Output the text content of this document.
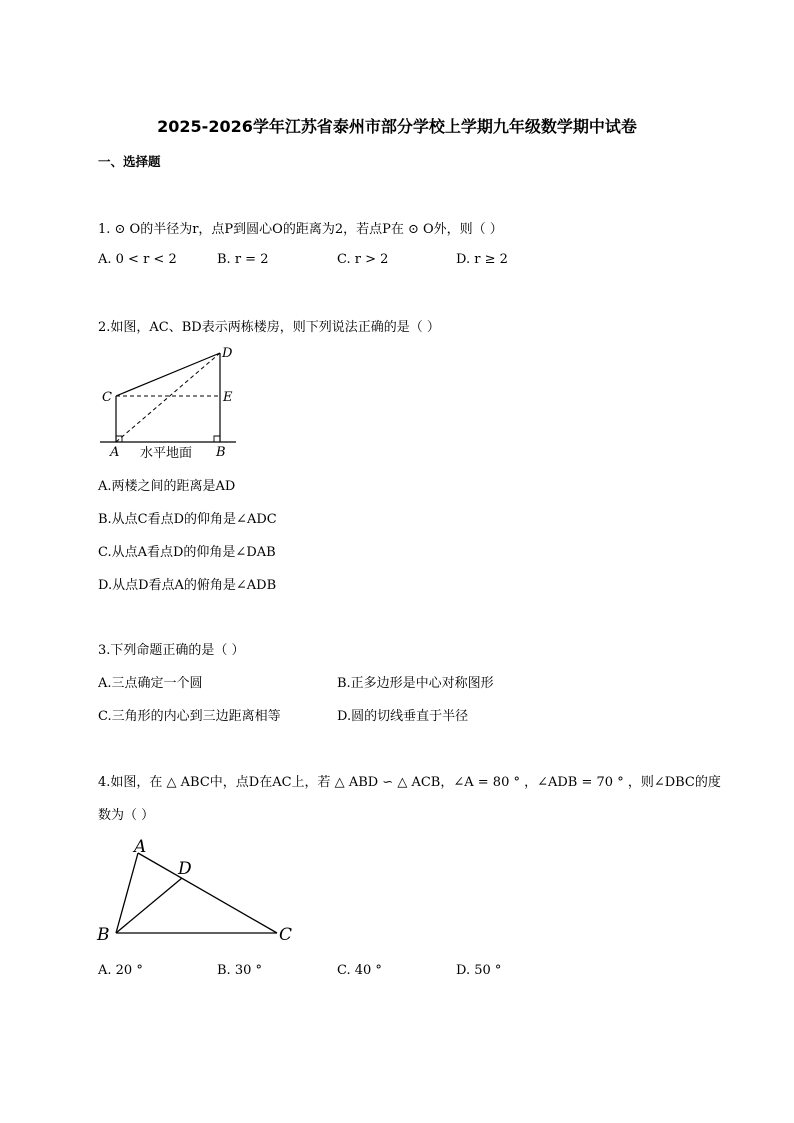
2025-2026学年江苏省泰州市部分学校上学期九年级数学期中试卷
一、选择题
1. ⊙ O的半径为r，点P到圆心O的距离为2，若点P在 ⊙ O外，则（ ）
A. 0 < r < 2	B. r = 2	C. r > 2	D. r ≥ 2
2.如图，AC、BD表示两栋楼房，则下列说法正确的是（ ）
D
C	E
A	B
水平地面
A.两楼之间的距离是AD
B.从点C看点D的仰角是∠ADC
C.从点A看点D的仰角是∠DAB
D.从点D看点A的俯角是∠ADB
3.下列命题正确的是（ ）
A.三点确定一个圆	B.正多边形是中心对称图形
C.三角形的内心到三边距离相等	D.圆的切线垂直于半径
4.如图，在 △ ABC中，点D在AC上，若 △ ABD ∽ △ ACB，∠A = 80 ° ，∠ADB = 70 ° ，则∠DBC的度
数为（ ）
A
D
B	C
A. 20 °	B. 30 °	C. 40 °	D. 50 °
